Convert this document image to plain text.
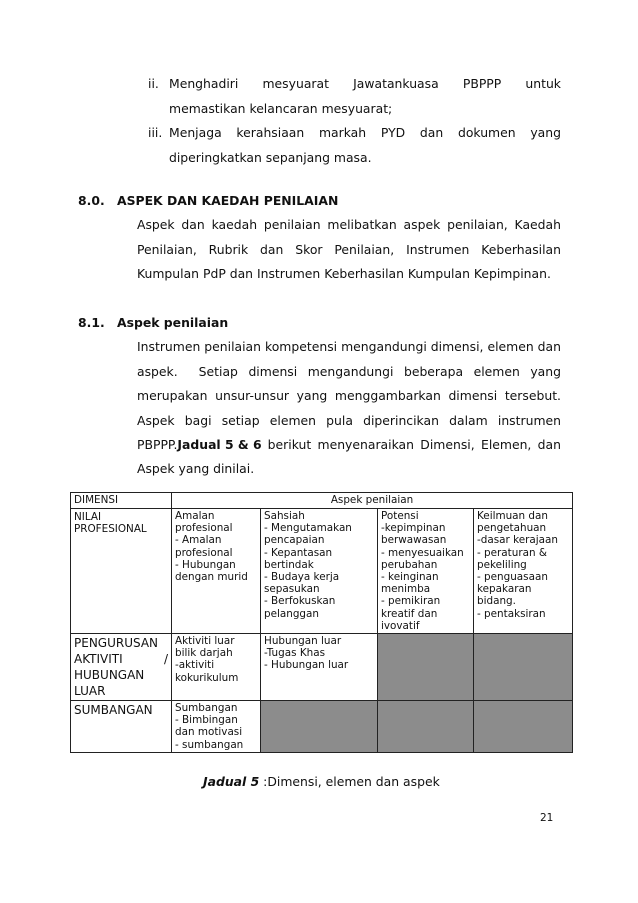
ii. Menghadiri mesyuarat Jawatankuasa PBPPP untuk
memastikan kelancaran mesyuarat;
iii. Menjaga kerahsiaan markah PYD dan dokumen yang
diperingkatkan sepanjang masa.
8.0. ASPEK DAN KAEDAH PENILAIAN
Aspek dan kaedah penilaian melibatkan aspek penilaian, Kaedah
Penilaian, Rubrik dan Skor Penilaian, Instrumen Keberhasilan
Kumpulan PdP dan Instrumen Keberhasilan Kumpulan Kepimpinan.
8.1. Aspek penilaian
Instrumen penilaian kompetensi mengandungi dimensi, elemen dan
aspek.  Setiap dimensi mengandungi beberapa elemen yang
merupakan unsur-unsur yang menggambarkan dimensi tersebut.
Aspek bagi setiap elemen pula diperincikan dalam instrumen
PBPPP. Jadual 5 & 6 berikut menyenaraikan Dimensi, Elemen, dan
Aspek yang dinilai.
DIMENSI	Aspek penilaian			
NILAI PROFESIONAL	Amalan profesional
- Amalan profesional
- Hubungan dengan murid	Sahsiah
- Mengutamakan pencapaian
- Kepantasan bertindak
- Budaya kerja sepasukan
- Berfokuskan pelanggan	Potensi
-kepimpinan berwawasan
- menyesuaikan perubahan
- keinginan menimba
- pemikiran kreatif dan ivovatif	Keilmuan dan pengetahuan
-dasar kerajaan
- peraturan & pekeliling
- penguasaan kepakaran bidang.
- pentaksiran

PENGURUSAN AKTIVITI / HUBUNGAN LUAR	Aktiviti luar bilik darjah
-aktiviti kokurikulum	Hubungan luar
-Tugas Khas
- Hubungan luar		

SUMBANGAN	Sumbangan
- Bimbingan dan motivasi
- sumbangan			

Jadual 5 :Dimensi, elemen dan aspek
21
